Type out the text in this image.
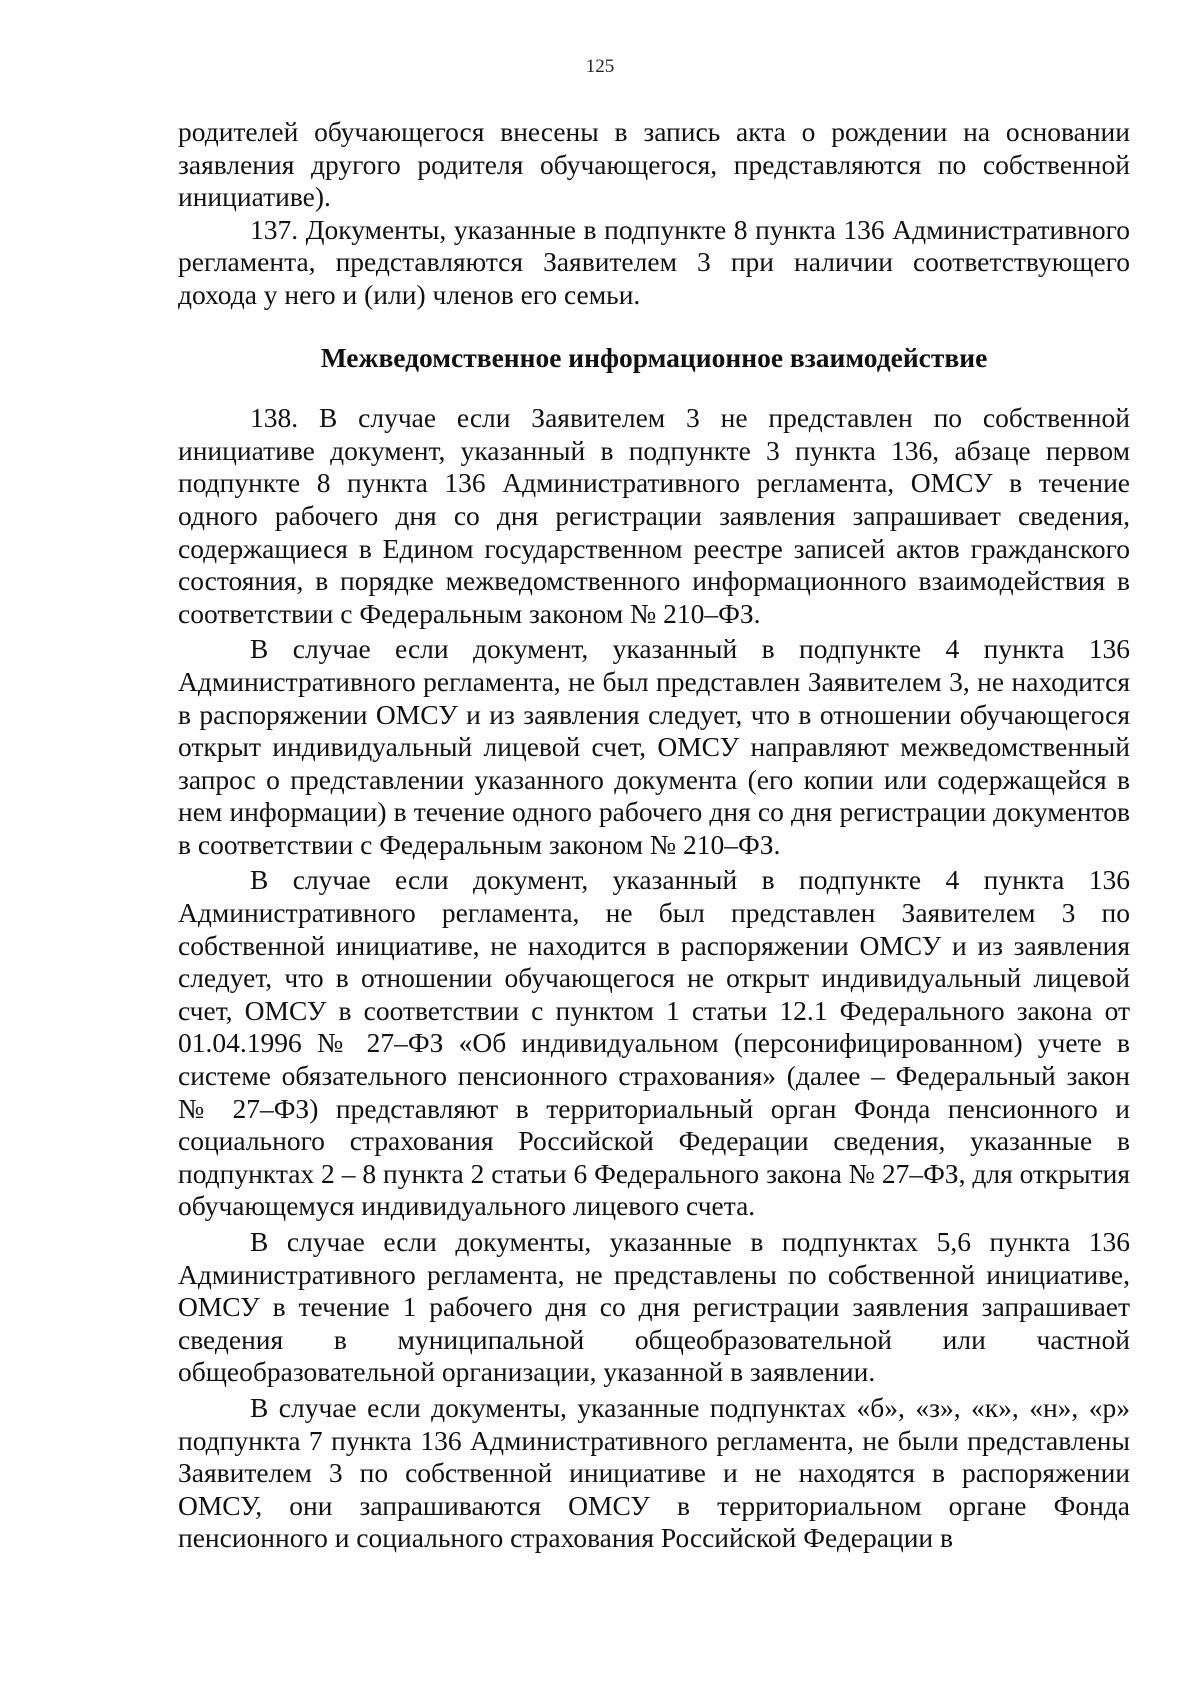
125

родителей обучающегося внесены в запись акта о рождении на основании заявления другого родителя обучающегося, представляются по собственной инициативе).

137. Документы, указанные в подпункте 8 пункта 136 Административного регламента, представляются Заявителем 3 при наличии соответствующего дохода у него и (или) членов его семьи.

Межведомственное информационное взаимодействие

138. В случае если Заявителем 3 не представлен по собственной инициативе документ, указанный в подпункте 3 пункта 136, абзаце первом подпункте 8 пункта 136 Административного регламента, ОМСУ в течение одного рабочего дня со дня регистрации заявления запрашивает сведения, содержащиеся в Едином государственном реестре записей актов гражданского состояния, в порядке межведомственного информационного взаимодействия в соответствии с Федеральным законом № 210–ФЗ.

В случае если документ, указанный в подпункте 4 пункта 136 Административного регламента, не был представлен Заявителем 3, не находится в распоряжении ОМСУ и из заявления следует, что в отношении обучающегося открыт индивидуальный лицевой счет, ОМСУ направляют межведомственный запрос о представлении указанного документа (его копии или содержащейся в нем информации) в течение одного рабочего дня со дня регистрации документов в соответствии с Федеральным законом № 210–ФЗ.

В случае если документ, указанный в подпункте 4 пункта 136 Административного регламента, не был представлен Заявителем 3 по собственной инициативе, не находится в распоряжении ОМСУ и из заявления следует, что в отношении обучающегося не открыт индивидуальный лицевой счет, ОМСУ в соответствии с пунктом 1 статьи 12.1 Федерального закона от 01.04.1996 № 27–ФЗ «Об индивидуальном (персонифицированном) учете в системе обязательного пенсионного страхования» (далее – Федеральный закон № 27–ФЗ) представляют в территориальный орган Фонда пенсионного и социального страхования Российской Федерации сведения, указанные в подпунктах 2 – 8 пункта 2 статьи 6 Федерального закона № 27–ФЗ, для открытия обучающемуся индивидуального лицевого счета.

В случае если документы, указанные в подпунктах 5,6 пункта 136 Административного регламента, не представлены по собственной инициативе, ОМСУ в течение 1 рабочего дня со дня регистрации заявления запрашивает сведения в муниципальной общеобразовательной или частной общеобразовательной организации, указанной в заявлении.

В случае если документы, указанные подпунктах «б», «з», «к», «н», «р» подпункта 7 пункта 136 Административного регламента, не были представлены Заявителем 3 по собственной инициативе и не находятся в распоряжении ОМСУ, они запрашиваются ОМСУ в территориальном органе Фонда пенсионного и социального страхования Российской Федерации в
